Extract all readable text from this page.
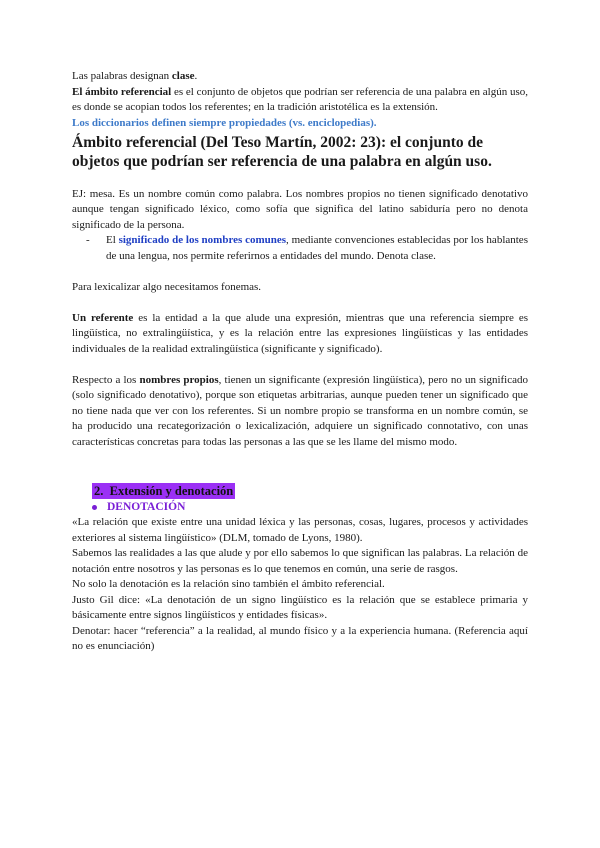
Las palabras designan clase.

El ámbito referencial es el conjunto de objetos que podrían ser referencia de una palabra en algún uso, es donde se acopian todos los referentes; en la tradición aristotélica es la extensión.

Los diccionarios definen siempre propiedades (vs. enciclopedias).

Ámbito referencial (Del Teso Martín, 2002: 23): el conjunto de objetos que podrían ser referencia de una palabra en algún uso.

EJ: mesa. Es un nombre común como palabra. Los nombres propios no tienen significado denotativo aunque tengan significado léxico, como sofía que significa del latino sabiduría pero no denota significado de la persona.

-	El significado de los nombres comunes, mediante convenciones establecidas por los hablantes de una lengua, nos permite referirnos a entidades del mundo. Denota clase.

Para lexicalizar algo necesitamos fonemas.

Un referente es la entidad a la que alude una expresión, mientras que una referencia siempre es lingüística, no extralingüística, y es la relación entre las expresiones lingüísticas y las entidades individuales de la realidad extralingüística (significante y significado).

Respecto a los nombres propios, tienen un significante (expresión lingüística), pero no un significado (solo significado denotativo), porque son etiquetas arbitrarias, aunque pueden tener un significado que no tiene nada que ver con los referentes. Si un nombre propio se transforma en un nombre común, se ha producido una recategorización o lexicalización, adquiere un significado connotativo, con unas características concretas para todas las personas a las que se les llame del mismo modo.

2. Extensión y denotación
DENOTACIÓN

«La relación que existe entre una unidad léxica y las personas, cosas, lugares, procesos y actividades exteriores al sistema lingüístico» (DLM, tomado de Lyons, 1980).

Sabemos las realidades a las que alude y por ello sabemos lo que significan las palabras. La relación de notación entre nosotros y las personas es lo que tenemos en común, una serie de rasgos.

No solo la denotación es la relación sino también el ámbito referencial.

Justo Gil dice: «La denotación de un signo lingüístico es la relación que se establece primaria y básicamente entre signos lingüísticos y entidades físicas».

Denotar: hacer “referencia” a la realidad, al mundo físico y a la experiencia humana. (Referencia aquí no es enunciación)
